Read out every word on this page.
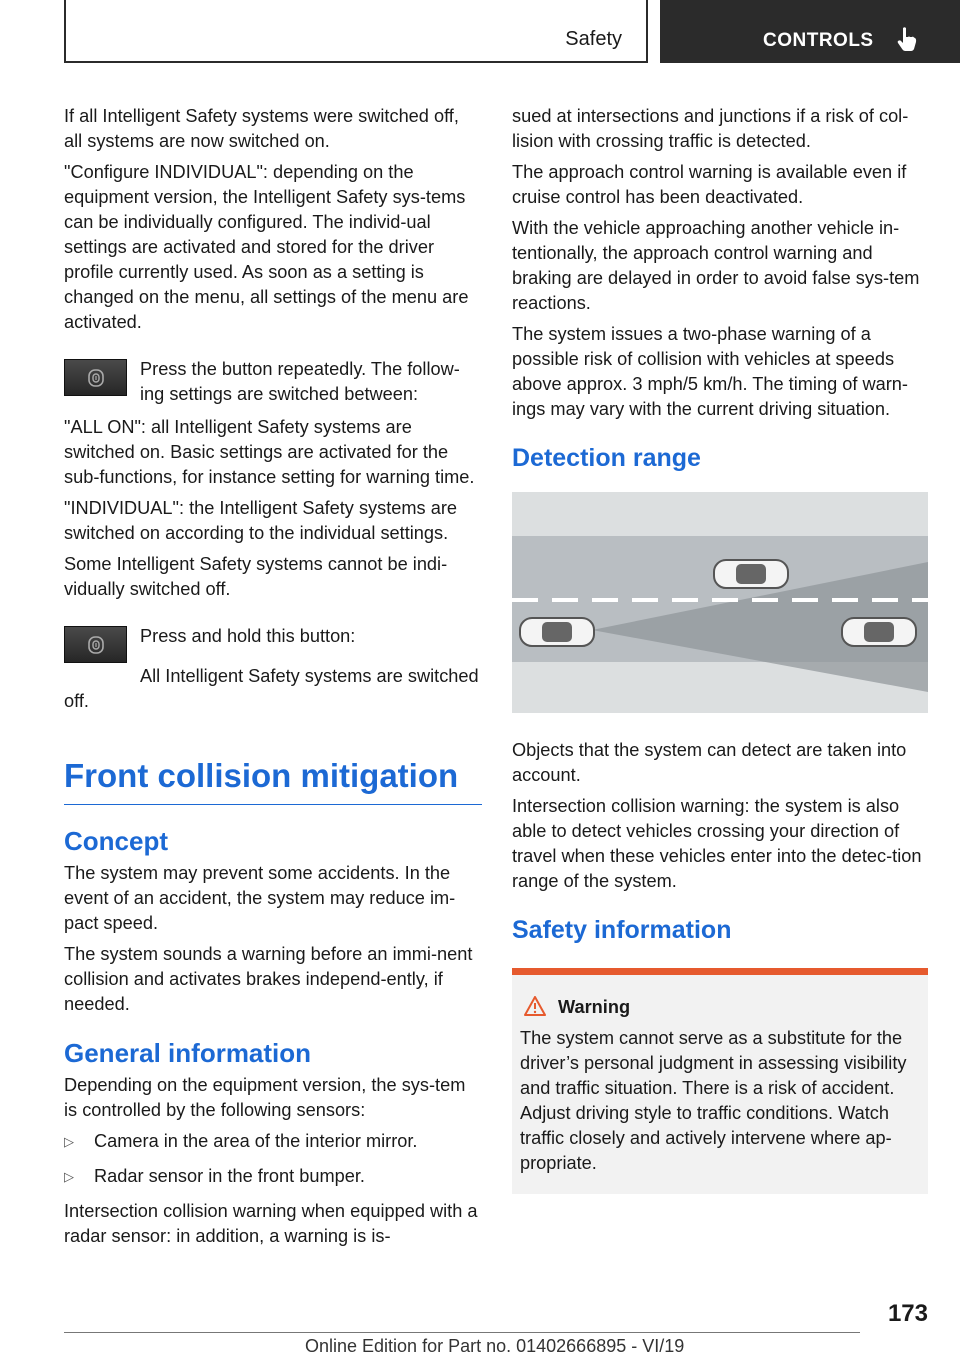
Safety	CONTROLS

If all Intelligent Safety systems were switched off, all systems are now switched on.

"Configure INDIVIDUAL": depending on the equipment version, the Intelligent Safety sys-tems can be individually configured. The individ-ual settings are activated and stored for the driver profile currently used. As soon as a setting is changed on the menu, all settings of the menu are activated.

Press the button repeatedly. The follow-ing settings are switched between:

"ALL ON": all Intelligent Safety systems are switched on. Basic settings are activated for the sub-functions, for instance setting for warning time.

"INDIVIDUAL": the Intelligent Safety systems are switched on according to the individual settings.

Some Intelligent Safety systems cannot be indi-vidually switched off.

Press and hold this button:

All Intelligent Safety systems are switched off.

Front collision mitigation
Concept

The system may prevent some accidents. In the event of an accident, the system may reduce im-pact speed.

The system sounds a warning before an immi-nent collision and activates brakes independ-ently, if needed.

General information

Depending on the equipment version, the sys-tem is controlled by the following sensors:

▷ Camera in the area of the interior mirror.
▷ Radar sensor in the front bumper.

Intersection collision warning when equipped with a radar sensor: in addition, a warning is is-

sued at intersections and junctions if a risk of col-lision with crossing traffic is detected.

The approach control warning is available even if cruise control has been deactivated.

With the vehicle approaching another vehicle in-tentionally, the approach control warning and braking are delayed in order to avoid false sys-tem reactions.

The system issues a two-phase warning of a possible risk of collision with vehicles at speeds above approx. 3 mph/5 km/h. The timing of warn-ings may vary with the current driving situation.

Detection range

Objects that the system can detect are taken into account.

Intersection collision warning: the system is also able to detect vehicles crossing your direction of travel when these vehicles enter into the detec-tion range of the system.

Safety information
Warning
The system cannot serve as a substitute for the driver’s personal judgment in assessing visibility and traffic situation. There is a risk of accident. Adjust driving style to traffic conditions. Watch traffic closely and actively intervene where ap-propriate.
173
Online Edition for Part no. 01402666895 - VI/19
